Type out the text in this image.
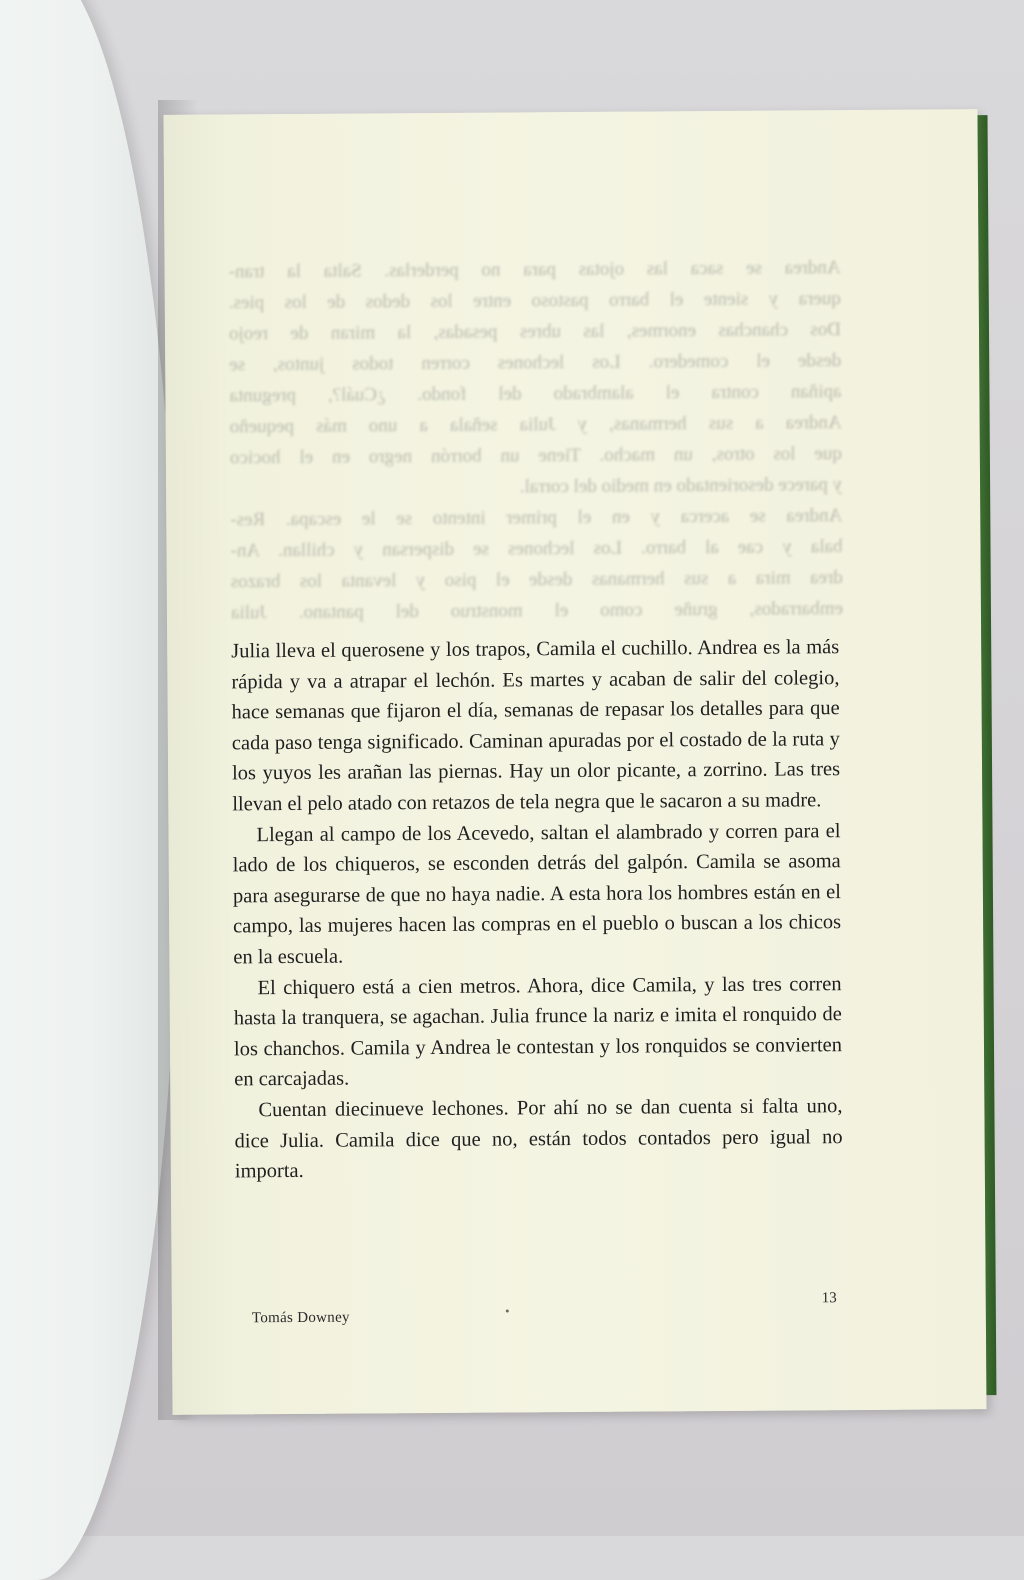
Andrea se saca las ojotas para no perderlas. Salta la tran-

quera y siente el barro pastoso entre los dedos de los pies.

Dos chanchas enormes, las ubres pesadas, la miran de reojo

desde el comedero. Los lechones corren todos juntos, se

apiñan contra el alambrado del fondo. ¿Cuál?, pregunta

Andrea a sus hermanas, y Julia señala a uno más pequeño

que los otros, un macho. Tiene un borrón negro en el hocico

y parece desorientado en medio del corral.

Andrea se acerca y en el primer intento se le escapa. Res-

bala y cae al barro. Los lechones se dispersan y chillan. An-

drea mira a sus hermanas desde el piso y levanta los brazos

embarrados, gruñe como el monstruo del pantano. Julia

Julia lleva el querosene y los trapos, Camila el cuchillo. Andrea es la más rápida y va a atrapar el lechón. Es martes y acaban de salir del colegio, hace semanas que fijaron el día, semanas de repasar los detalles para que cada paso tenga significado. Caminan apuradas por el costado de la ruta y los yuyos les arañan las piernas. Hay un olor picante, a zorrino. Las tres llevan el pelo atado con retazos de tela negra que le sacaron a su madre.

Llegan al campo de los Acevedo, saltan el alambrado y corren para el lado de los chiqueros, se esconden detrás del galpón. Camila se asoma para asegurarse de que no haya nadie. A esta hora los hombres están en el campo, las mujeres hacen las compras en el pueblo o buscan a los chicos en la escuela.

El chiquero está a cien metros. Ahora, dice Camila, y las tres corren hasta la tranquera, se agachan. Julia frunce la nariz e imita el ronquido de los chanchos. Camila y Andrea le contestan y los ronquidos se convierten en carcajadas.

Cuentan diecinueve lechones. Por ahí no se dan cuenta si falta uno, dice Julia. Camila dice que no, están todos contados pero igual no importa.

Tomás Downey
13
